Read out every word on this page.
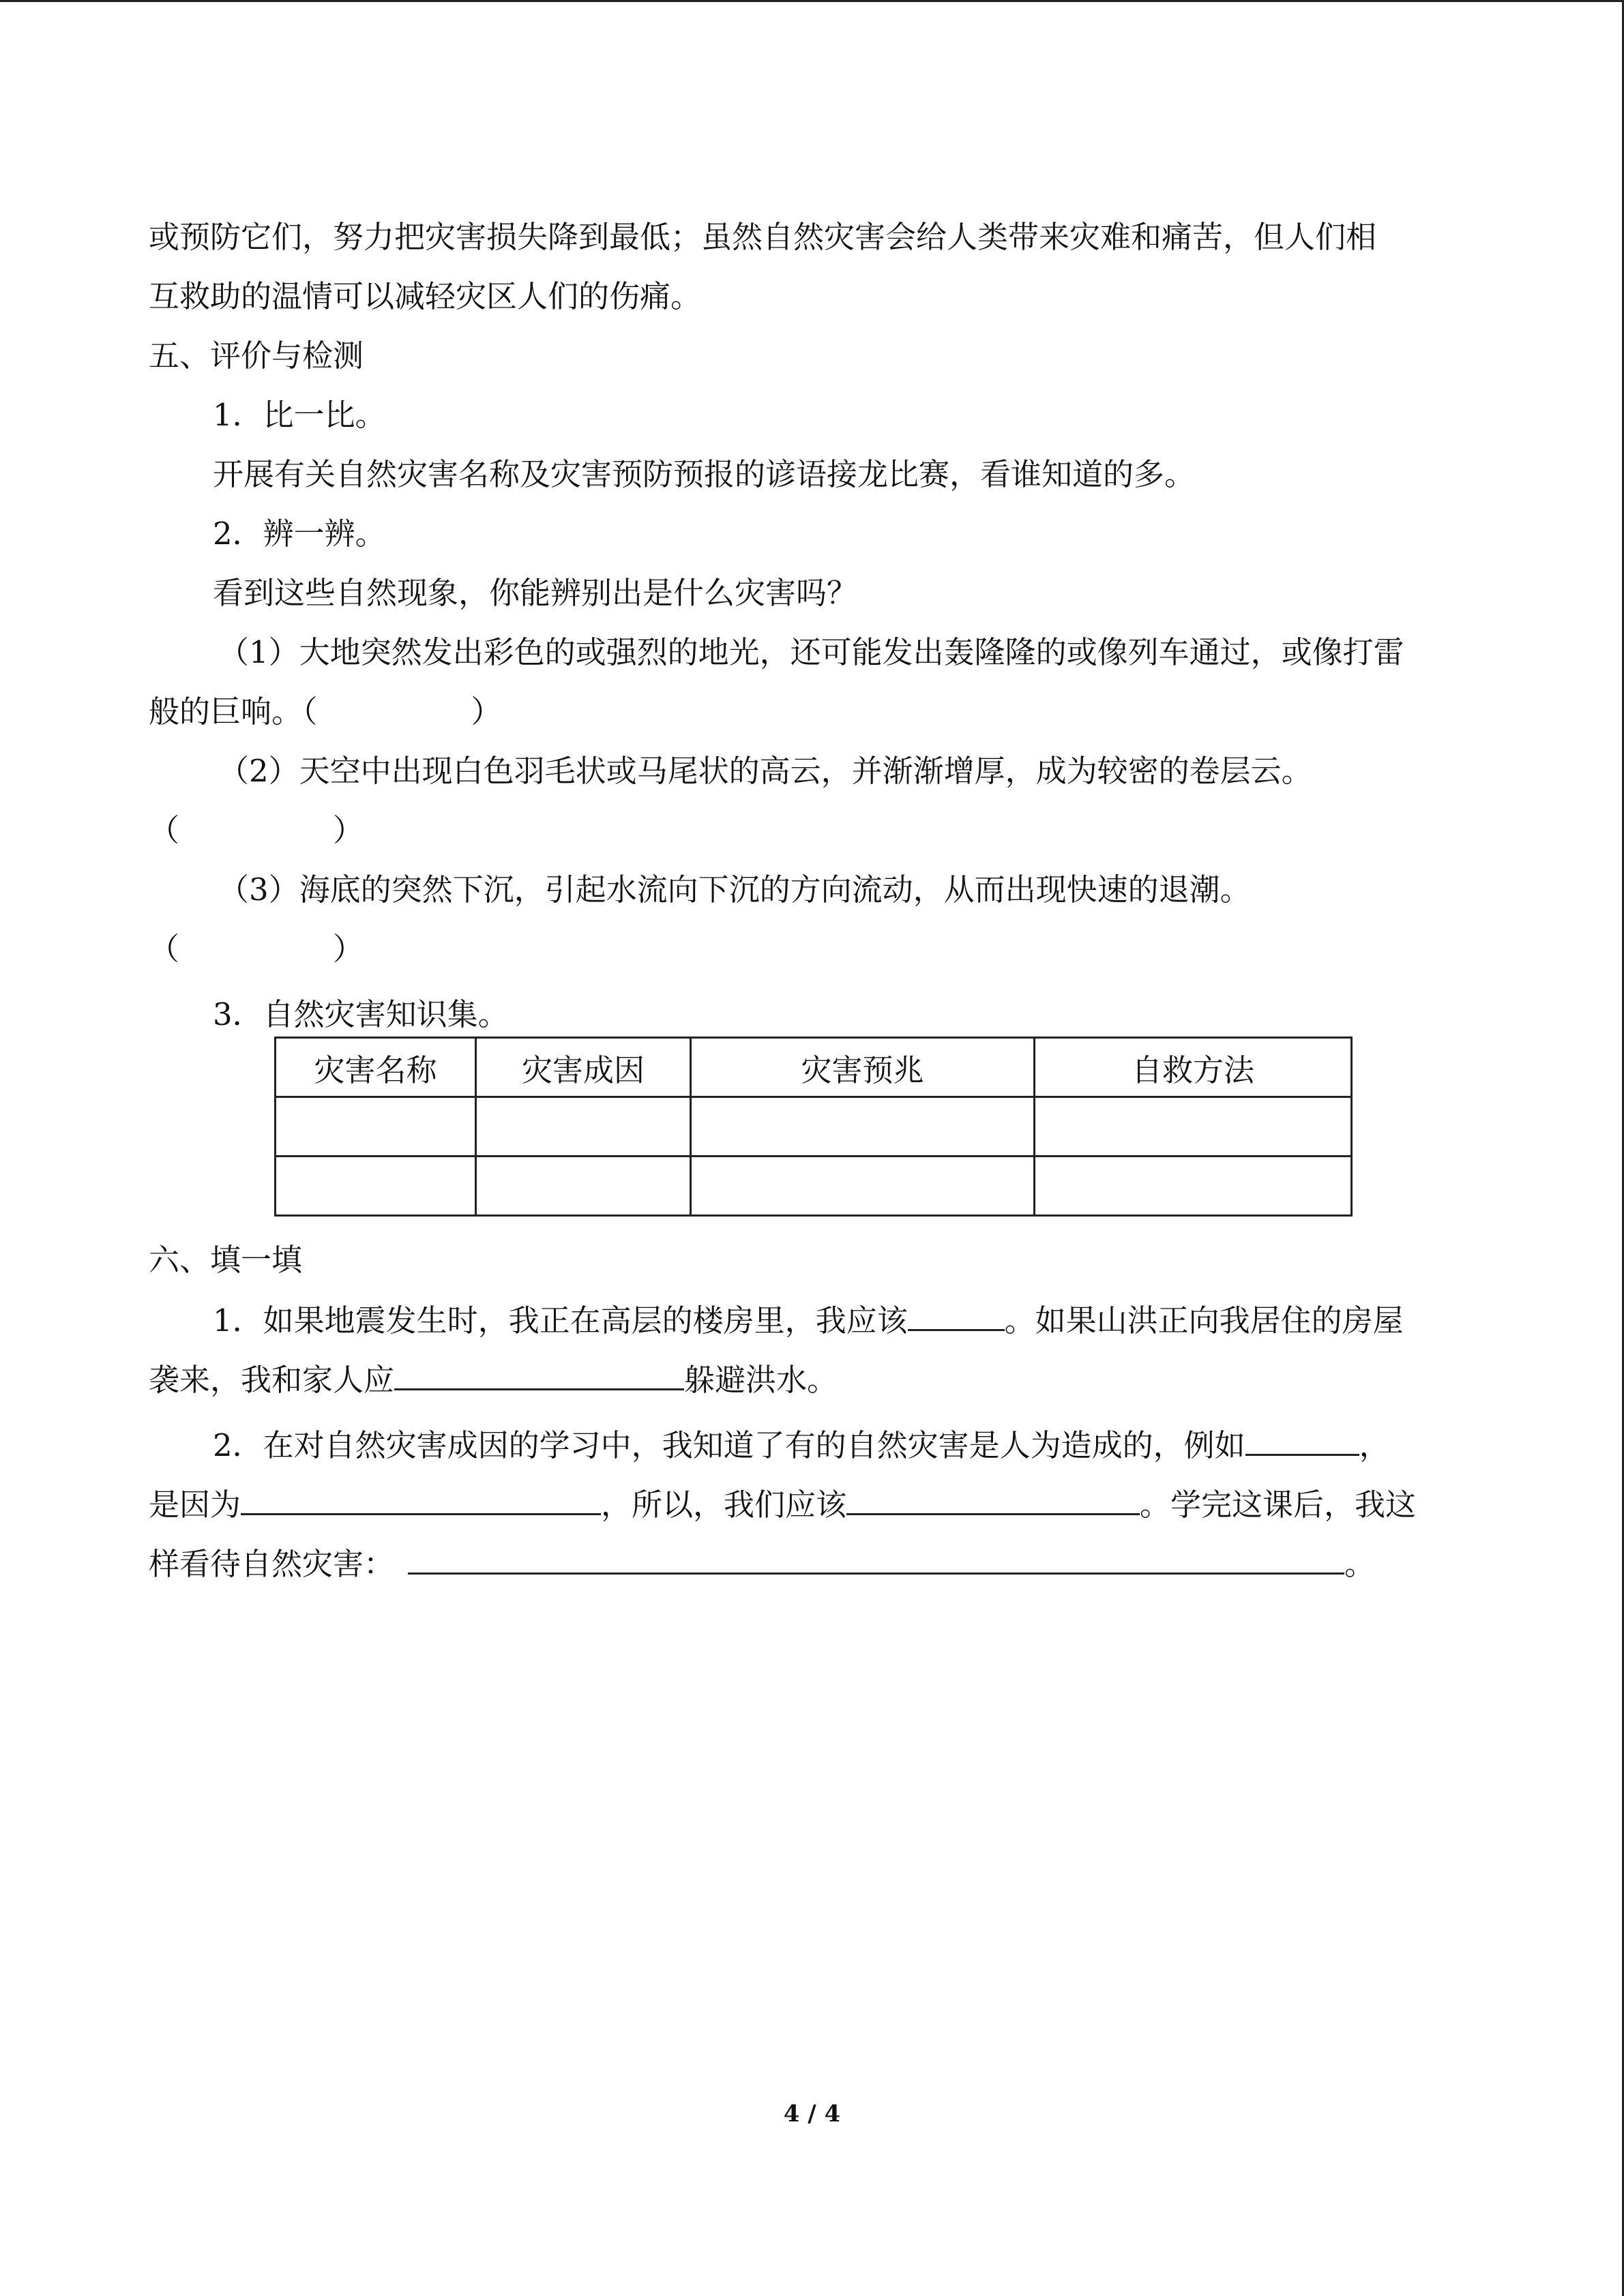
或预防它们，努力把灾害损失降到最低；虽然自然灾害会给人类带来灾难和痛苦，但人们相
互救助的温情可以减轻灾区人们的伤痛。
五、评价与检测
1．比一比。
开展有关自然灾害名称及灾害预防预报的谚语接龙比赛，看谁知道的多。
2．辨一辨。
看到这些自然现象，你能辨别出是什么灾害吗？
（1）大地突然发出彩色的或强烈的地光，还可能发出轰隆隆的或像列车通过，或像打雷
般的巨响。（　　　　　）
（2）天空中出现白色羽毛状或马尾状的高云，并渐渐增厚，成为较密的卷层云。
（　　　　　）
（3）海底的突然下沉，引起水流向下沉的方向流动，从而出现快速的退潮。
（　　　　　）
3．自然灾害知识集。
灾害名称	灾害成因	灾害预兆	自救方法

六、填一填
1．如果地震发生时，我正在高层的楼房里，我应该	。如果山洪正向我居住的房屋
袭来，我和家人应	躲避洪水。
2．在对自然灾害成因的学习中，我知道了有的自然灾害是人为造成的，例如	，
是因为	，所以，我们应该	。学完这课后，我这
样看待自然灾害：	。
4 / 4
